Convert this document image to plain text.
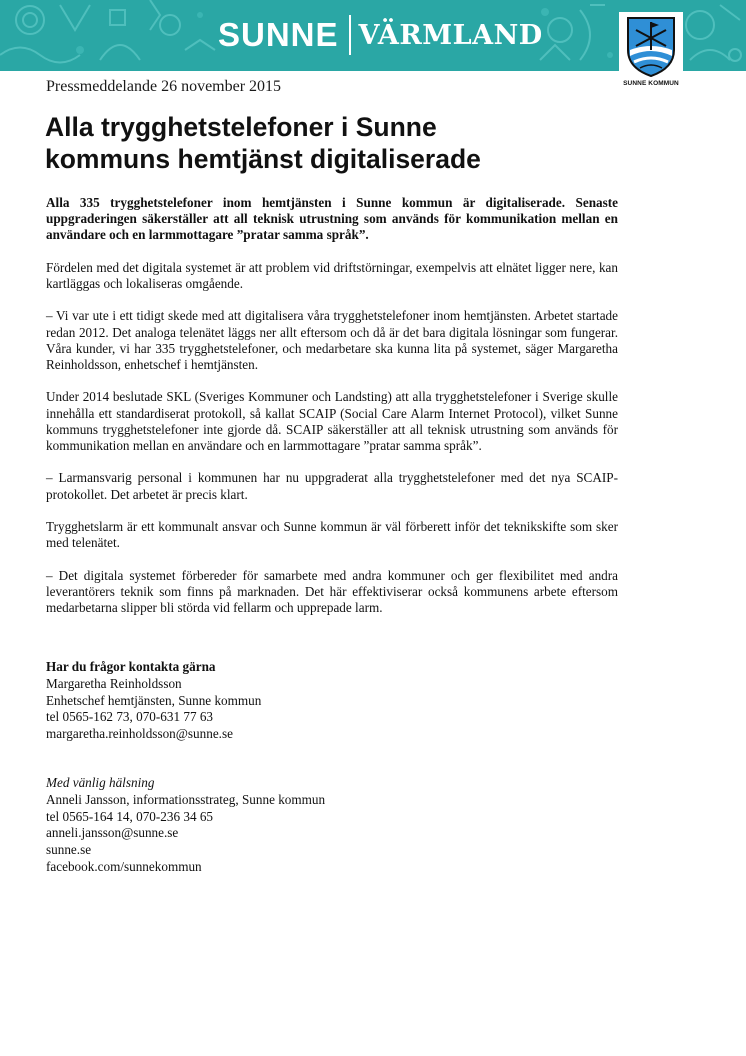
SUNNE VÄRMLAND
SUNNE KOMMUN
Pressmeddelande 26 november 2015
Alla trygghetstelefoner i Sunne
kommuns hemtjänst digitaliserade

Alla 335 trygghetstelefoner inom hemtjänsten i Sunne kommun är digitaliserade. Senaste uppgraderingen säkerställer att all teknisk utrustning som används för kommunikation mellan en användare och en larmmottagare ”pratar samma språk”.

Fördelen med det digitala systemet är att problem vid driftstörningar, exempelvis att elnätet ligger nere, kan kartläggas och lokaliseras omgående.

– Vi var ute i ett tidigt skede med att digitalisera våra trygghetstelefoner inom hemtjänsten. Arbetet startade redan 2012. Det analoga telenätet läggs ner allt eftersom och då är det bara digitala lösningar som fungerar. Våra kunder, vi har 335 trygghetstelefoner, och medarbetare ska kunna lita på systemet, säger Margaretha Reinholdsson, enhetschef i hemtjänsten.

Under 2014 beslutade SKL (Sveriges Kommuner och Landsting) att alla trygghetstelefoner i Sverige skulle innehålla ett standardiserat protokoll, så kallat SCAIP (Social Care Alarm Internet Protocol), vilket Sunne kommuns trygghetstelefoner inte gjorde då. SCAIP säkerställer att all teknisk utrustning som används för kommunikation mellan en användare och en larmmottagare ”pratar samma språk”.

– Larmansvarig personal i kommunen har nu uppgraderat alla trygghetstelefoner med det nya SCAIP-protokollet. Det arbetet är precis klart.

Trygghetslarm är ett kommunalt ansvar och Sunne kommun är väl förberett inför det teknikskifte som sker med telenätet.

– Det digitala systemet förbereder för samarbete med andra kommuner och ger flexibilitet med andra leverantörers teknik som finns på marknaden. Det här effektiviserar också kommunens arbete eftersom medarbetarna slipper bli störda vid fellarm och upprepade larm.

Har du frågor kontakta gärna
Margaretha Reinholdsson
Enhetschef hemtjänsten, Sunne kommun
tel 0565-162 73, 070-631 77 63
margaretha.reinholdsson@sunne.se
Med vänlig hälsning
Anneli Jansson, informationsstrateg, Sunne kommun
tel 0565-164 14, 070-236 34 65
anneli.jansson@sunne.se
sunne.se
facebook.com/sunnekommun
